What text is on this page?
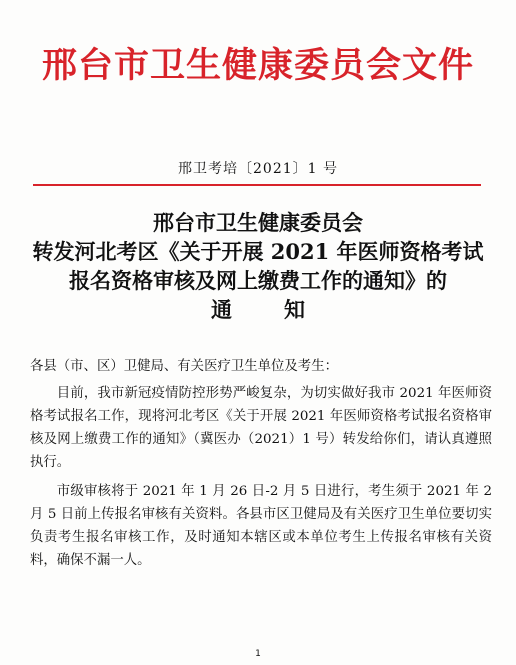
邢台市卫生健康委员会文件
邢卫考培〔2021〕1 号
邢台市卫生健康委员会
转发河北考区《关于开展 2021 年医师资格考试
报名资格审核及网上缴费工作的通知》的
通知

各县（市、区）卫健局、有关医疗卫生单位及考生：

目前，我市新冠疫情防控形势严峻复杂，为切实做好我市 2021 年医师资格考试报名工作，现将河北考区《关于开展 2021 年医师资格考试报名资格审核及网上缴费工作的通知》（冀医办（2021）1 号）转发给你们，请认真遵照执行。

市级审核将于 2021 年 1 月 26 日-2 月 5 日进行，考生须于 2021 年 2 月 5 日前上传报名审核有关资料。各县市区卫健局及有关医疗卫生单位要切实负责考生报名审核工作，及时通知本辖区或本单位考生上传报名审核有关资料，确保不漏一人。

1
